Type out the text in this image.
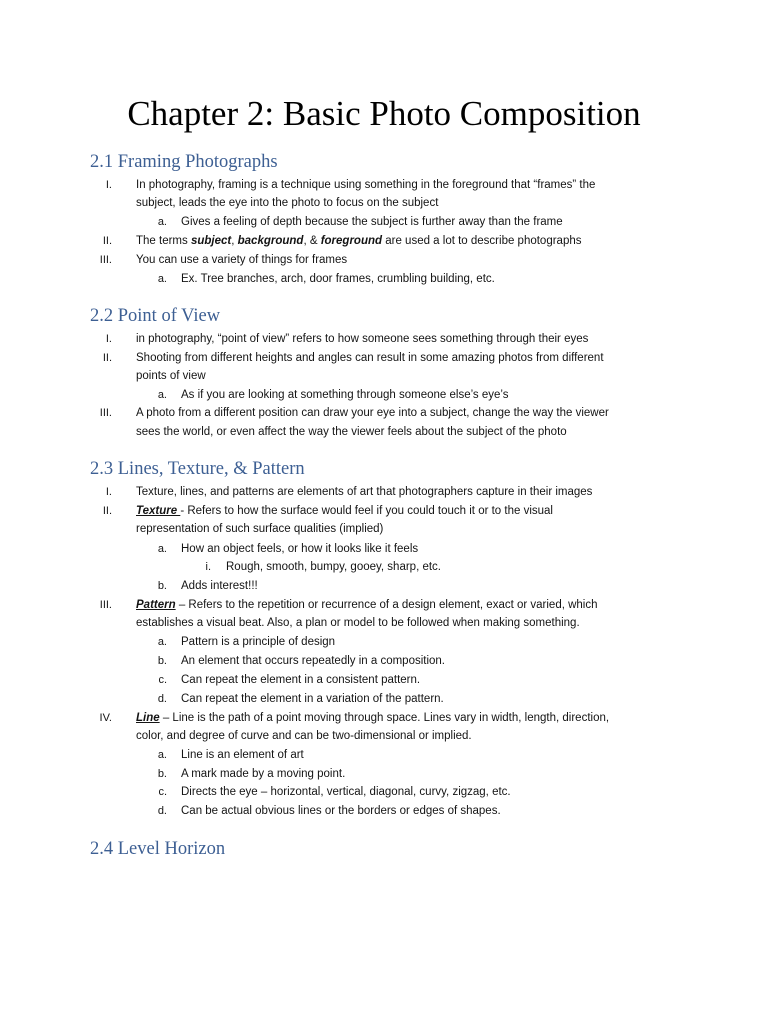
Chapter 2: Basic Photo Composition
2.1 Framing Photographs
I. In photography, framing is a technique using something in the foreground that “frames” the
subject, leads the eye into the photo to focus on the subject
a. Gives a feeling of depth because the subject is further away than the frame
II. The terms subject, background, & foreground are used a lot to describe photographs
III. You can use a variety of things for frames
a. Ex. Tree branches, arch, door frames, crumbling building, etc.
2.2 Point of View
I. in photography, “point of view” refers to how someone sees something through their eyes
II. Shooting from different heights and angles can result in some amazing photos from different
points of view
a. As if you are looking at something through someone else’s eye’s
III. A photo from a different position can draw your eye into a subject, change the way the viewer
sees the world, or even affect the way the viewer feels about the subject of the photo
2.3 Lines, Texture, & Pattern
I. Texture, lines, and patterns are elements of art that photographers capture in their images
II. Texture - Refers to how the surface would feel if you could touch it or to the visual
representation of such surface qualities (implied)
a. How an object feels, or how it looks like it feels
i. Rough, smooth, bumpy, gooey, sharp, etc.
b. Adds interest!!!
III. Pattern – Refers to the repetition or recurrence of a design element, exact or varied, which
establishes a visual beat. Also, a plan or model to be followed when making something.
a. Pattern is a principle of design
b. An element that occurs repeatedly in a composition.
c. Can repeat the element in a consistent pattern.
d. Can repeat the element in a variation of the pattern.
IV. Line – Line is the path of a point moving through space. Lines vary in width, length, direction,
color, and degree of curve and can be two-dimensional or implied.
a. Line is an element of art
b. A mark made by a moving point.
c. Directs the eye – horizontal, vertical, diagonal, curvy, zigzag, etc.
d. Can be actual obvious lines or the borders or edges of shapes.
2.4 Level Horizon
